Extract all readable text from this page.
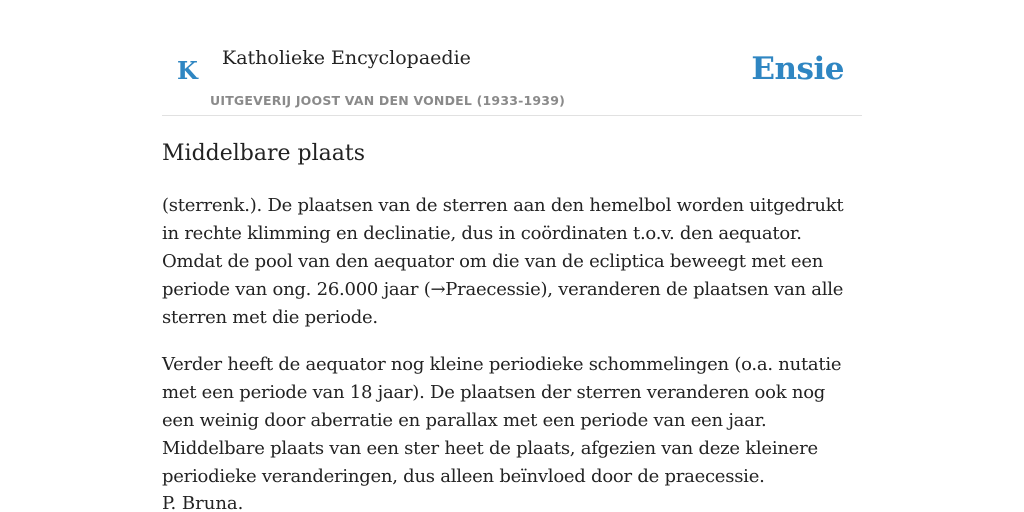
K Katholieke Encyclopaedie
UITGEVERIJ JOOST VAN DEN VONDEL (1933-1939)
Ensie
Middelbare plaats

(sterrenk.). De plaatsen van de sterren aan den hemelbol worden uitgedrukt in rechte klimming en declinatie, dus in coördinaten t.o.v. den aequator. Omdat de pool van den aequator om die van de ecliptica beweegt met een periode van ong. 26.000 jaar (→Praecessie), veranderen de plaatsen van alle sterren met die periode.

Verder heeft de aequator nog kleine periodieke schommelingen (o.a. nutatie met een periode van 18 jaar). De plaatsen der sterren veranderen ook nog een weinig door aberratie en parallax met een periode van een jaar. Middelbare plaats van een ster heet de plaats, afgezien van deze kleinere periodieke veranderingen, dus alleen beïnvloed door de praecessie.

P. Bruna.
